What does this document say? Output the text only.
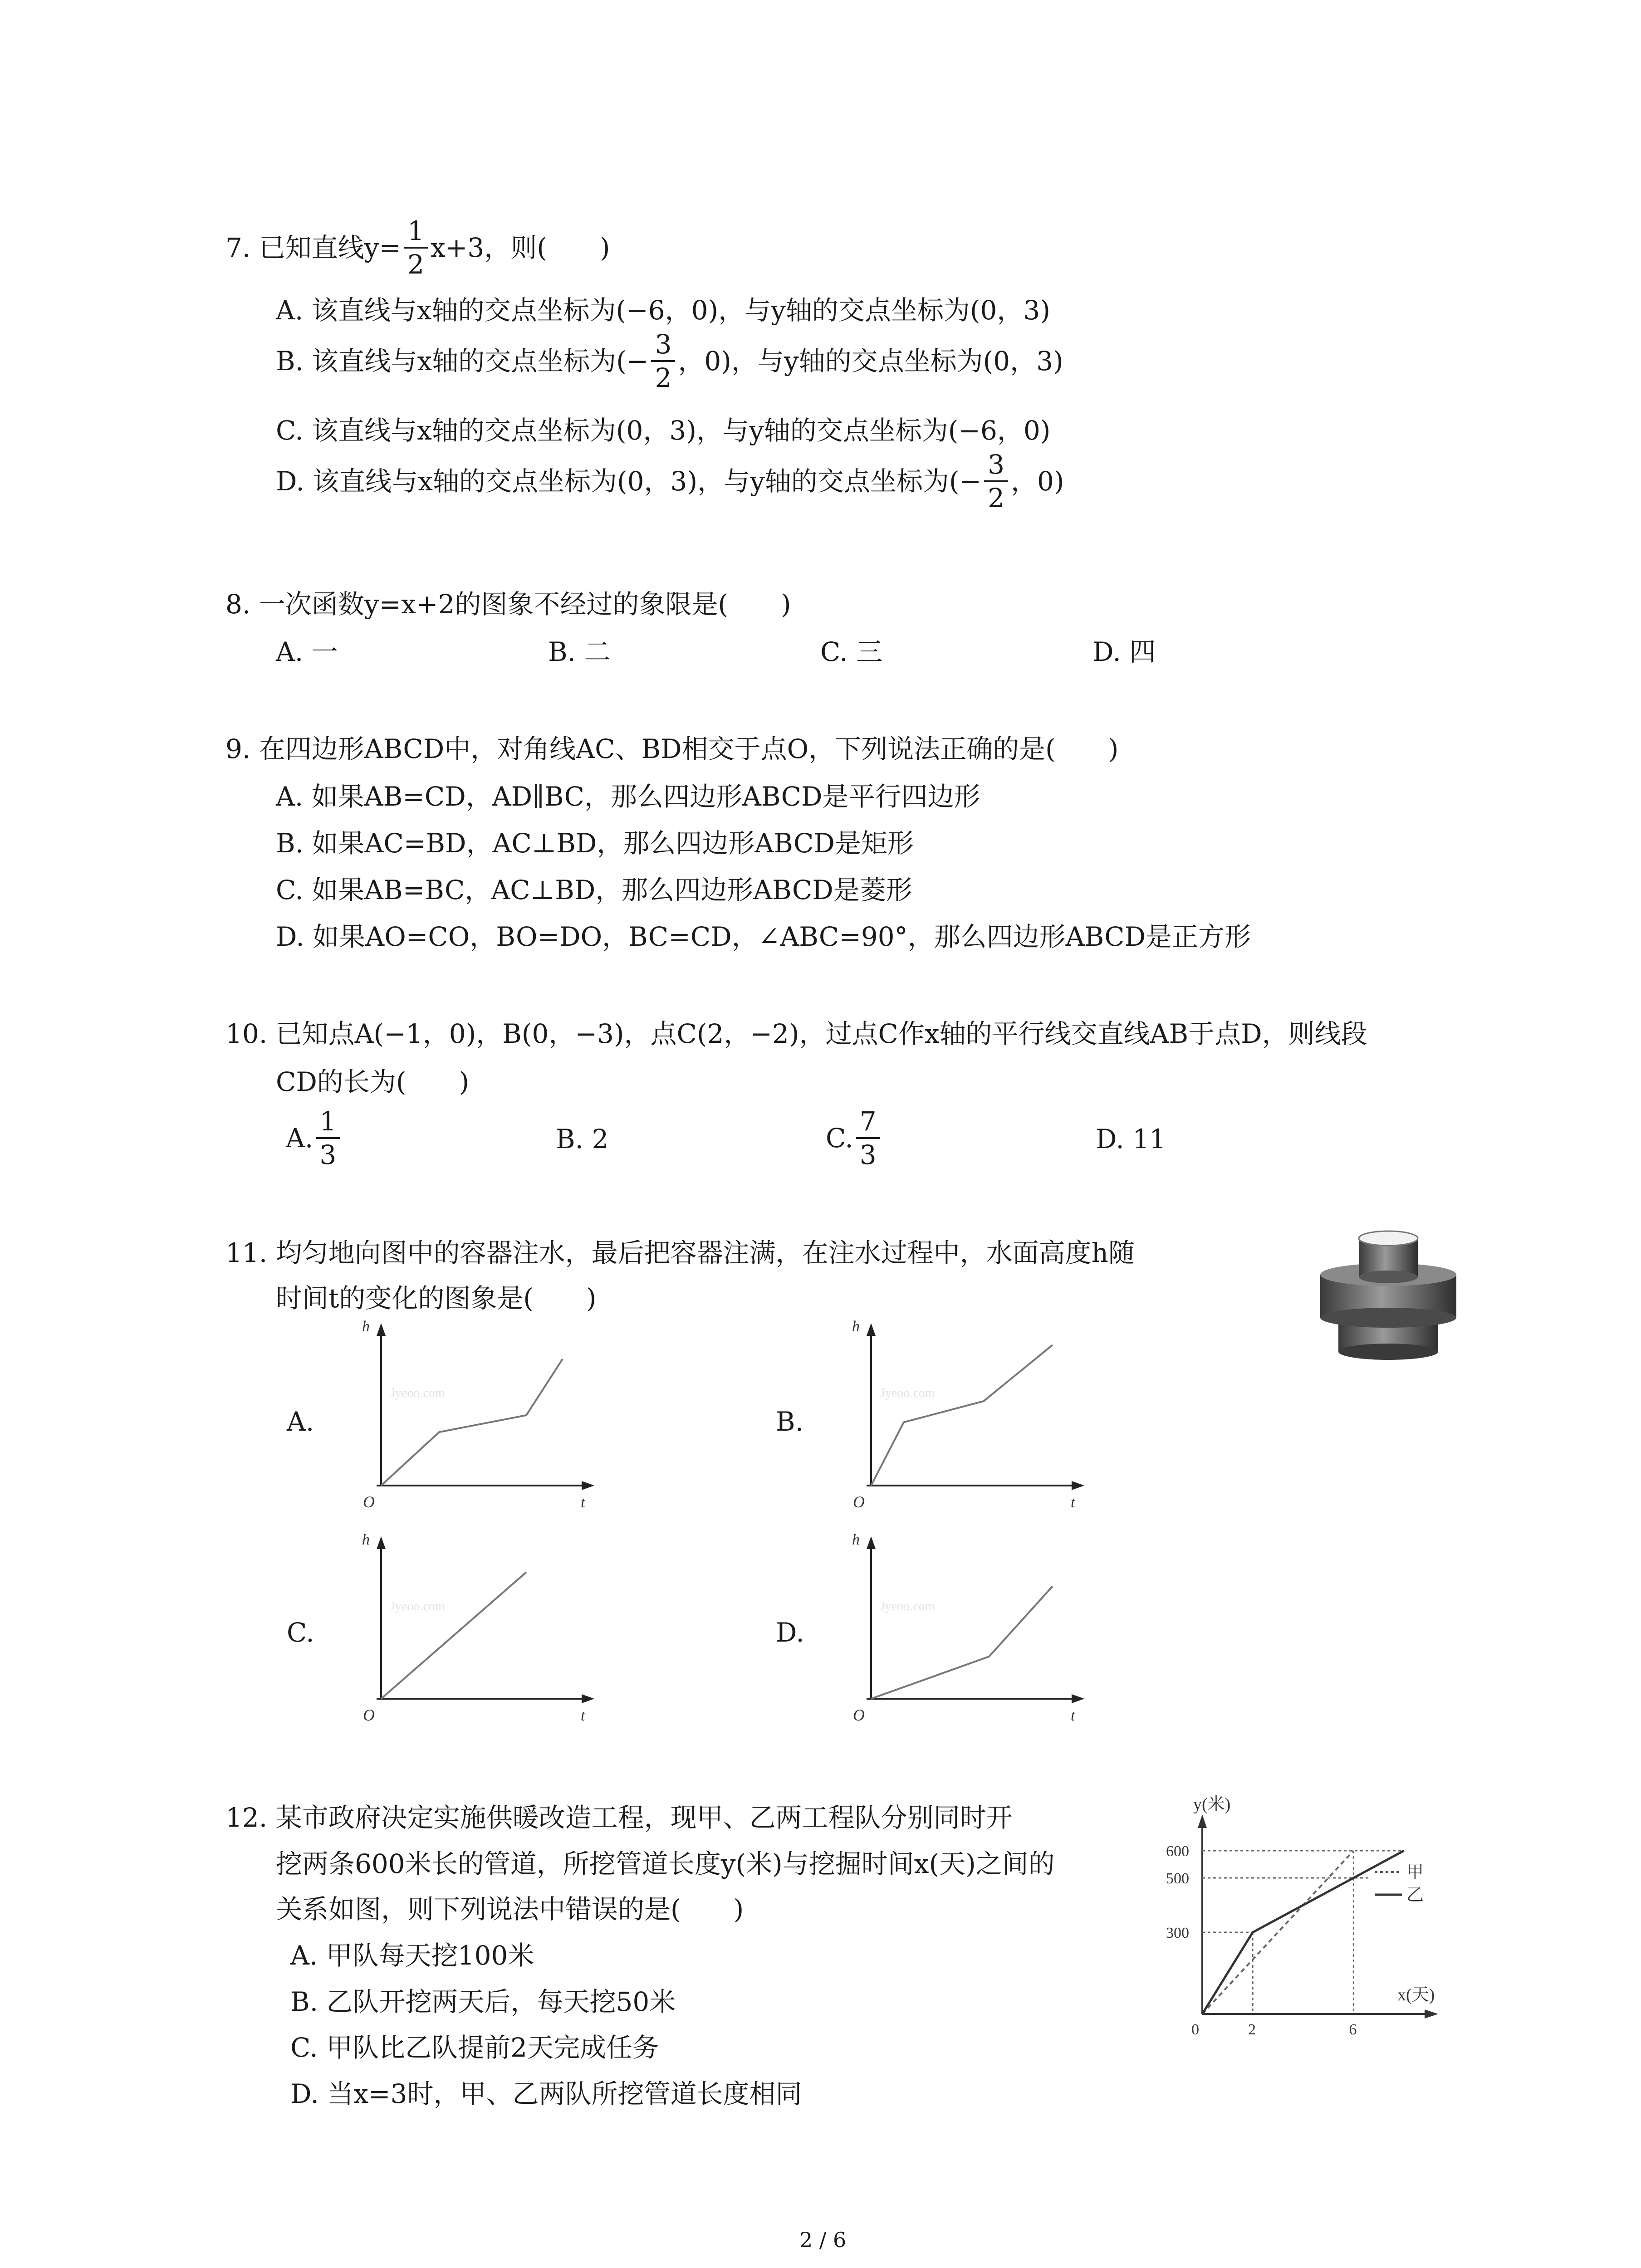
7. 已知直线$y= \frac{1}{2} x+3$，则(　　)
A. 该直线与x轴的交点坐标为(−6，0)，与y轴的交点坐标为(0，3)
B. 该直线与x轴的交点坐标为(− $\frac{3}{2}$ ，0)，与y轴的交点坐标为(0，3)
C. 该直线与x轴的交点坐标为(0，3)，与y轴的交点坐标为(−6，0)
D. 该直线与x轴的交点坐标为(0，3)，与y轴的交点坐标为(− $\frac{3}{2}$ ，0)
8. 一次函数y=x+2的图象不经过的象限是(　　)
A. 一	B. 二	C. 三	D. 四
9. 在四边形ABCD中，对角线AC、BD相交于点O，下列说法正确的是(　　)
A. 如果AB=CD，AD∥BC，那么四边形ABCD是平行四边形
B. 如果AC=BD，AC⊥BD，那么四边形ABCD是矩形
C. 如果AB=BC，AC⊥BD，那么四边形ABCD是菱形
D. 如果AO=CO，BO=DO，BC=CD，∠ABC=90°，那么四边形ABCD是正方形
10. 已知点A(−1，0)，B(0，−3)，点C(2，−2)，过点C作x轴的平行线交直线AB于点D，则线段
CD的长为(　　)
A. $\frac{1}{3}$	B. 2	C. $\frac{7}{3}$	D. 11
11. 均匀地向图中的容器注水，最后把容器注满，在注水过程中，水面高度h随
时间t的变化的图象是(　　)
A.	B.
C.	D.
h
t
O
Jyeoo.com
h
t
O
Jyeoo.com
h
t
O
Jyeoo.com
h
t
O
Jyeoo.com
12. 某市政府决定实施供暖改造工程，现甲、乙两工程队分别同时开
挖两条600米长的管道，所挖管道长度y(米)与挖掘时间x(天)之间的
关系如图，则下列说法中错误的是(　　)
A. 甲队每天挖100米
B. 乙队开挖两天后，每天挖50米
C. 甲队比乙队提前2天完成任务
D. 当x=3时，甲、乙两队所挖管道长度相同
y(米)
x(天)
0
300
500
600
2	6
甲
乙
2 / 6
